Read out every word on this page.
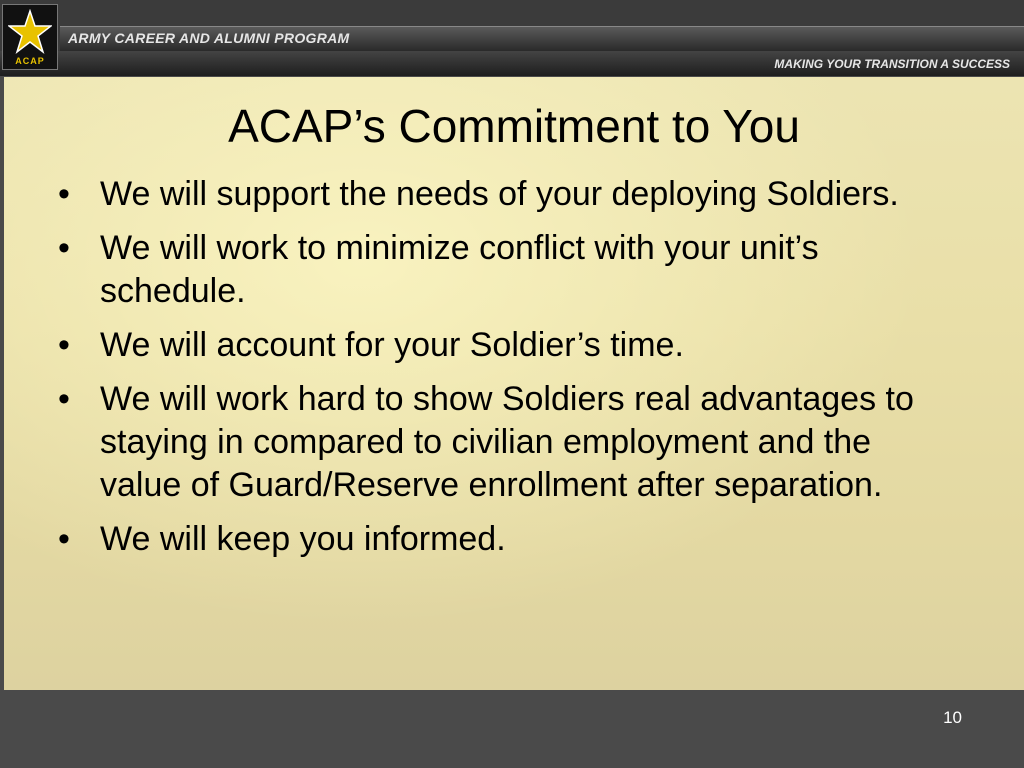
ACAP
ARMY CAREER AND ALUMNI PROGRAM
MAKING YOUR TRANSITION A SUCCESS
ACAP’s Commitment to You
• We will support the needs of your deploying Soldiers.
• We will work to minimize conflict with your unit’s schedule.
• We will account for your Soldier’s time.
• We will work hard to show Soldiers real advantages to staying in compared to civilian employment and the value of Guard/Reserve enrollment after separation.
• We will keep you informed.
10
